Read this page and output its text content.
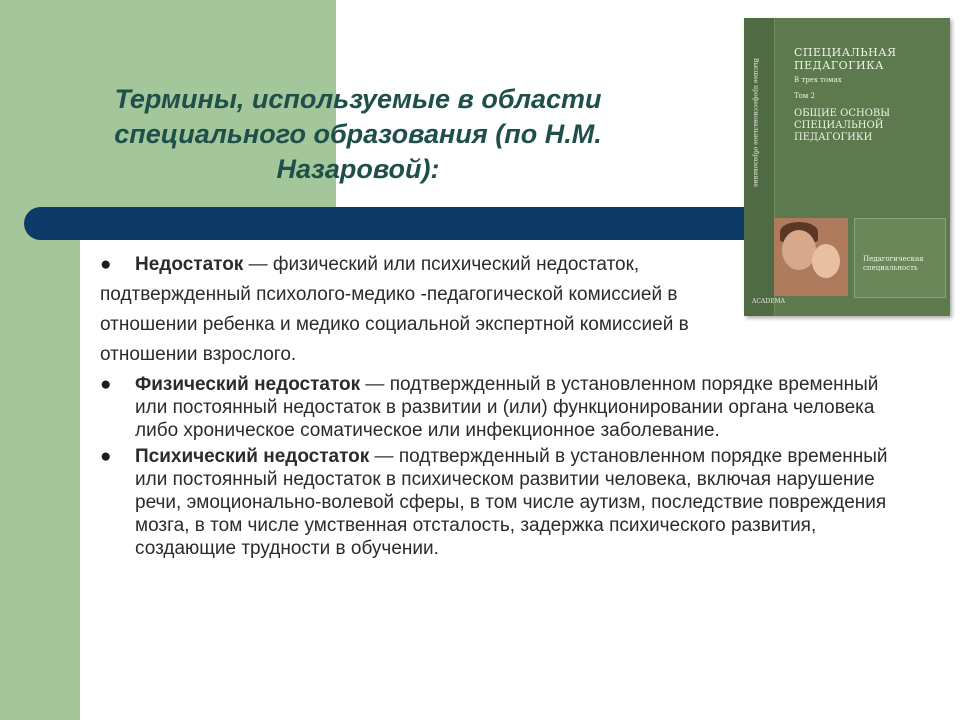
Термины, используемые в области специального образования (по Н.М. Назаровой):	Высшее профессиональное образование
СПЕЦИАЛЬНАЯ ПЕДАГОГИКА
В трех томах
Том 2
ОБЩИЕ ОСНОВЫ СПЕЦИАЛЬНОЙ ПЕДАГОГИКИ
Педагогическая специальность
ACADEMA
●	Недостаток — физический или психический недостаток, подтвержденный психолого-медико -педагогической комиссией в отношении ребенка и медико социальной экспертной комиссией в отношении взрослого.
●	Физический недостаток — подтвержденный в установленном порядке временный или постоянный недостаток в развитии и (или) функционировании органа человека либо хроническое соматическое или инфекционное заболевание.
●	Психический недостаток — подтвержденный в установленном порядке временный или постоянный недостаток в психическом развитии человека, включая нарушение речи, эмоционально-волевой сферы, в том числе аутизм, последствие повреждения мозга, в том числе умственная отсталость, задержка психического развития, создающие трудности в обучении.
